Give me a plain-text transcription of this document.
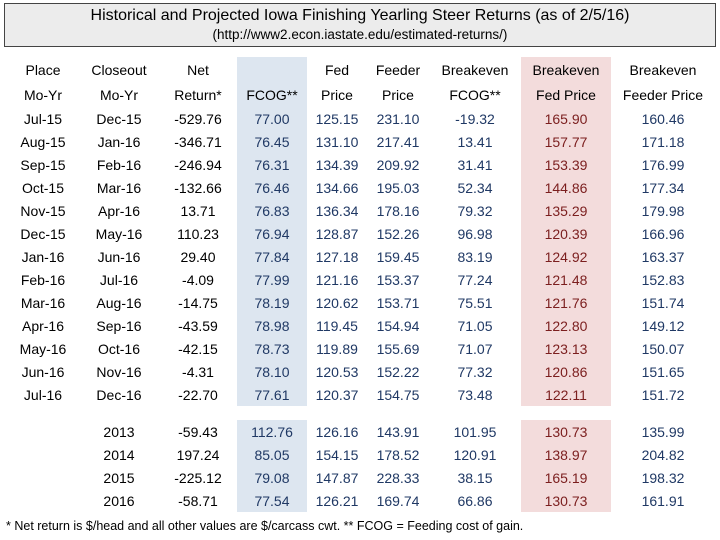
Historical and Projected Iowa Finishing Yearling Steer Returns (as of 2/5/16)
(http://www2.econ.iastate.edu/estimated-returns/)
Place	Closeout	Net		Fed	Feeder	Breakeven	Breakeven	Breakeven
Mo-Yr	Mo-Yr	Return*	FCOG**	Price	Price	FCOG**	Fed Price	Feeder Price
Jul-15	Dec-15	-529.76	77.00	125.15	231.10	-19.32	165.90	160.46
Aug-15	Jan-16	-346.71	76.45	131.10	217.41	13.41	157.77	171.18
Sep-15	Feb-16	-246.94	76.31	134.39	209.92	31.41	153.39	176.99
Oct-15	Mar-16	-132.66	76.46	134.66	195.03	52.34	144.86	177.34
Nov-15	Apr-16	13.71	76.83	136.34	178.16	79.32	135.29	179.98
Dec-15	May-16	110.23	76.94	128.87	152.26	96.98	120.39	166.96
Jan-16	Jun-16	29.40	77.84	127.18	159.45	83.19	124.92	163.37
Feb-16	Jul-16	-4.09	77.99	121.16	153.37	77.24	121.48	152.83
Mar-16	Aug-16	-14.75	78.19	120.62	153.71	75.51	121.76	151.74
Apr-16	Sep-16	-43.59	78.98	119.45	154.94	71.05	122.80	149.12
May-16	Oct-16	-42.15	78.73	119.89	155.69	71.07	123.13	150.07
Jun-16	Nov-16	-4.31	78.10	120.53	152.22	77.32	120.86	151.65
Jul-16	Dec-16	-22.70	77.61	120.37	154.75	73.48	122.11	151.72

	2013	-59.43	112.76	126.16	143.91	101.95	130.73	135.99
	2014	197.24	85.05	154.15	178.52	120.91	138.97	204.82
	2015	-225.12	79.08	147.87	228.33	38.15	165.19	198.32
	2016	-58.71	77.54	126.21	169.74	66.86	130.73	161.91
* Net return is $/head and all other values are $/carcass cwt. ** FCOG = Feeding cost of gain.
